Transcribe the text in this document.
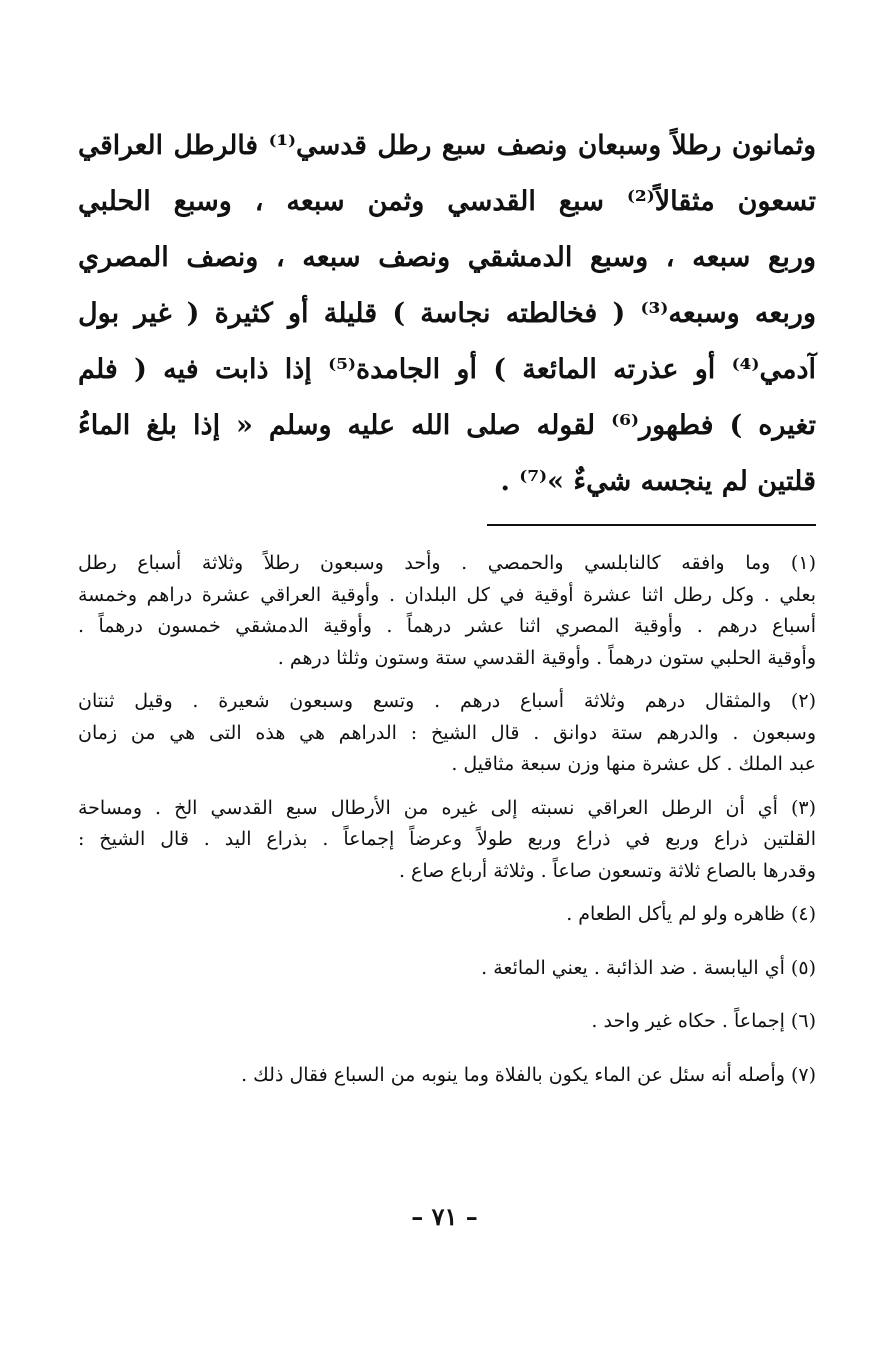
وثمانون رطلاً وسبعان ونصف سبع رطل قدسي⁽¹⁾ فالرطل العراقي
تسعون مثقالاً⁽²⁾ سبع القدسي وثمن سبعه ، وسبع الحلبي
وربع سبعه ، وسبع الدمشقي ونصف سبعه ، ونصف المصري
وربعه وسبعه⁽³⁾ ( فخالطته نجاسة ) قليلة أو كثيرة ( غير بول
آدمي⁽⁴⁾ أو عذرته المائعة ) أو الجامدة⁽⁵⁾ إذا ذابت فيه ( فلم
تغيره ) فطهور⁽⁶⁾ لقوله صلى الله عليه وسلم « إذا بلغ الماءُ
قلتين لم ينجسه شيءٌ »⁽⁷⁾ .
(١) وما وافقه كالنابلسي والحمصي . وأحد وسبعون رطلاً وثلاثة أسباع رطل
بعلي . وكل رطل اثنا عشرة أوقية في كل البلدان . وأوقية العراقي عشرة دراهم وخمسة
أسباع درهم . وأوقية المصري اثنا عشر درهماً . وأوقية الدمشقي خمسون درهماً .
وأوقية الحلبي ستون درهماً . وأوقية القدسي ستة وستون وثلثا درهم .
(٢) والمثقال درهم وثلاثة أسباع درهم . وتسع وسبعون شعيرة . وقيل ثنتان
وسبعون . والدرهم ستة دوانق . قال الشيخ : الدراهم هي هذه التى هي من زمان
عبد الملك . كل عشرة منها وزن سبعة مثاقيل .
(٣) أي أن الرطل العراقي نسبته إلى غيره من الأرطال سبع القدسي الخ . ومساحة
القلتين ذراع وربع في ذراع وربع طولاً وعرضاً إجماعاً . بذراع اليد . قال الشيخ :
وقدرها بالصاع ثلاثة وتسعون صاعاً . وثلاثة أرباع صاع .
(٤) ظاهره ولو لم يأكل الطعام .
(٥) أي اليابسة . ضد الذائبة . يعني المائعة .
(٦) إجماعاً . حكاه غير واحد .
(٧) وأصله أنه سئل عن الماء يكون بالفلاة وما ينوبه من السباع فقال ذلك .
– ٧١ –
